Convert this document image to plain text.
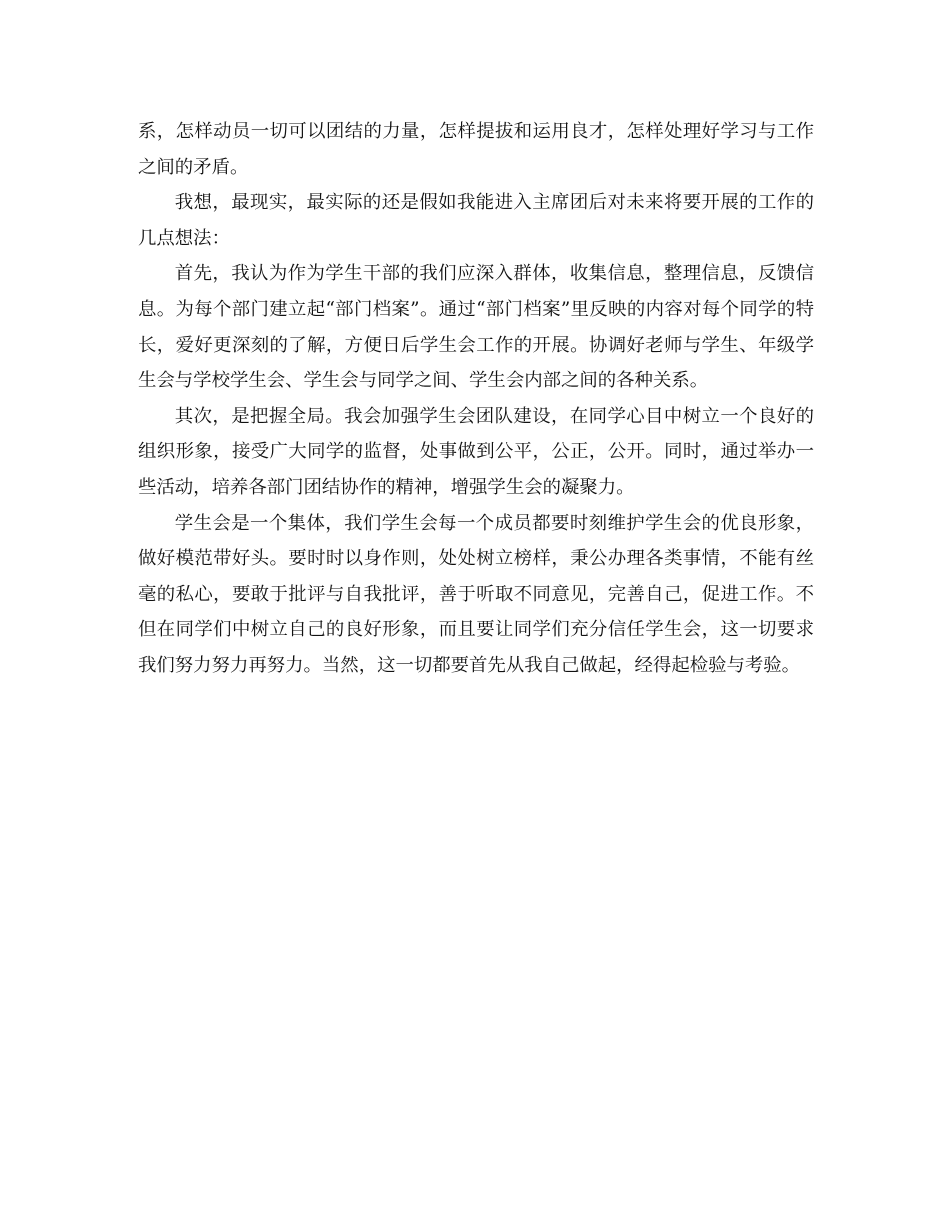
系，怎样动员一切可以团结的力量，怎样提拔和运用良才，怎样处理好学习与工作之间的矛盾。

我想，最现实，最实际的还是假如我能进入主席团后对未来将要开展的工作的几点想法：

首先，我认为作为学生干部的我们应深入群体，收集信息，整理信息，反馈信息。为每个部门建立起“部门档案”。通过“部门档案”里反映的内容对每个同学的特长，爱好更深刻的了解，方便日后学生会工作的开展。协调好老师与学生、年级学生会与学校学生会、学生会与同学之间、学生会内部之间的各种关系。

其次，是把握全局。我会加强学生会团队建设，在同学心目中树立一个良好的组织形象，接受广大同学的监督，处事做到公平，公正，公开。同时，通过举办一些活动，培养各部门团结协作的精神，增强学生会的凝聚力。

学生会是一个集体，我们学生会每一个成员都要时刻维护学生会的优良形象，做好模范带好头。要时时以身作则，处处树立榜样，秉公办理各类事情，不能有丝毫的私心，要敢于批评与自我批评，善于听取不同意见，完善自己，促进工作。不但在同学们中树立自己的良好形象，而且要让同学们充分信任学生会，这一切要求我们努力努力再努力。当然，这一切都要首先从我自己做起，经得起检验与考验。
